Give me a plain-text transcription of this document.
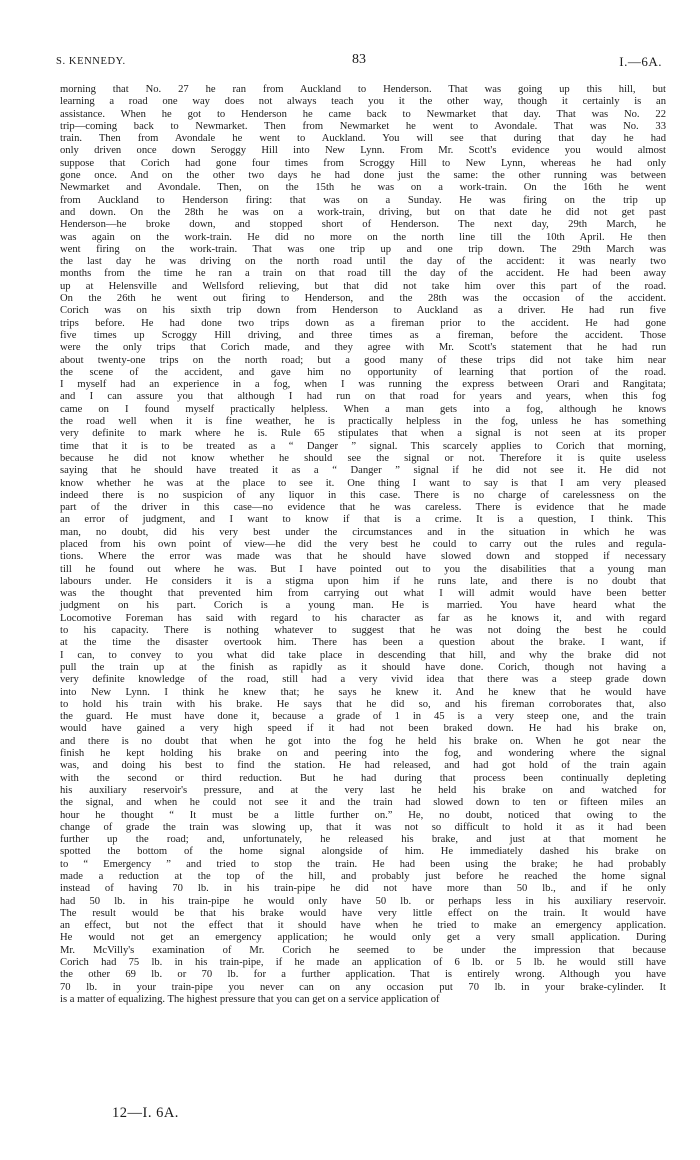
S. KENNEDY.	83	I.—6A.
morning that No. 27 he ran from Auckland to Henderson. That was going up this hill, but
learning a road one way does not always teach you it the other way, though it certainly is an
assistance. When he got to Henderson he came back to Newmarket that day. That was No. 22
trip—coming back to Newmarket. Then from Newmarket he went to Avondale. That was No. 33
train. Then from Avondale he went to Auckland. You will see that during that day he had
only driven once down Seroggy Hill into New Lynn. From Mr. Scott's evidence you would almost
suppose that Corich had gone four times from Scroggy Hill to New Lynn, whereas he had only
gone once. And on the other two days he had done just the same: the other running was between
Newmarket and Avondale. Then, on the 15th he was on a work-train. On the 16th he went
from Auckland to Henderson firing: that was on a Sunday. He was firing on the trip up
and down. On the 28th he was on a work-train, driving, but on that date he did not get past
Henderson—he broke down, and stopped short of Henderson. The next day, 29th March, he
was again on the work-train. He did no more on the north line till the 10th April. He then
went firing on the work-train. That was one trip up and one trip down. The 29th March was
the last day he was driving on the north road until the day of the accident: it was nearly two
months from the time he ran a train on that road till the day of the accident. He had been away
up at Helensville and Wellsford relieving, but that did not take him over this part of the road.
On the 26th he went out firing to Henderson, and the 28th was the occasion of the accident.
Corich was on his sixth trip down from Henderson to Auckland as a driver. He had run five
trips before. He had done two trips down as a fireman prior to the accident. He had gone
five times up Scroggy Hill driving, and three times as a fireman, before the accident. Those
were the only trips that Corich made, and they agree with Mr. Scott's statement that he had run
about twenty-one trips on the north road; but a good many of these trips did not take him near
the scene of the accident, and gave him no opportunity of learning that portion of the road.
I myself had an experience in a fog, when I was running the express between Orari and Rangitata;
and I can assure you that although I had run on that road for years and years, when this fog
came on I found myself practically helpless. When a man gets into a fog, although he knows
the road well when it is fine weather, he is practically helpless in the fog, unless he has something
very definite to mark where he is. Rule 65 stipulates that when a signal is not seen at its proper
time that it is to be treated as a “ Danger ” signal. This scarcely applies to Corich that morning,
because he did not know whether he should see the signal or not. Therefore it is quite useless
saying that he should have treated it as a “ Danger ” signal if he did not see it. He did not
know whether he was at the place to see it. One thing I want to say is that I am very pleased
indeed there is no suspicion of any liquor in this case. There is no charge of carelessness on the
part of the driver in this case—no evidence that he was careless. There is evidence that he made
an error of judgment, and I want to know if that is a crime. It is a question, I think. This
man, no doubt, did his very best under the circumstances and in the situation in which he was
placed from his own point of view—he did the very best he could to carry out the rules and regula-
tions. Where the error was made was that he should have slowed down and stopped if necessary
till he found out where he was. But I have pointed out to you the disabilities that a young man
labours under. He considers it is a stigma upon him if he runs late, and there is no doubt that
was the thought that prevented him from carrying out what I will admit would have been better
judgment on his part. Corich is a young man. He is married. You have heard what the
Locomotive Foreman has said with regard to his character as far as he knows it, and with regard
to his capacity. There is nothing whatever to suggest that he was not doing the best he could
at the time the disaster overtook him. There has been a question about the brake. I want, if
I can, to convey to you what did take place in descending that hill, and why the brake did not
pull the train up at the finish as rapidly as it should have done. Corich, though not having a
very definite knowledge of the road, still had a very vivid idea that there was a steep grade down
into New Lynn. I think he knew that; he says he knew it. And he knew that he would have
to hold his train with his brake. He says that he did so, and his fireman corroborates that, also
the guard. He must have done it, because a grade of 1 in 45 is a very steep one, and the train
would have gained a very high speed if it had not been braked down. He had his brake on,
and there is no doubt that when he got into the fog he held his brake on. When he got near the
finish he kept holding his brake on and peering into the fog, and wondering where the signal
was, and doing his best to find the station. He had released, and had got hold of the train again
with the second or third reduction. But he had during that process been continually depleting
his auxiliary reservoir's pressure, and at the very last he held his brake on and watched for
the signal, and when he could not see it and the train had slowed down to ten or fifteen miles an
hour he thought “ It must be a little further on.” He, no doubt, noticed that owing to the
change of grade the train was slowing up, that it was not so difficult to hold it as it had been
further up the road; and, unfortunately, he released his brake, and just at that moment he
spotted the bottom of the home signal alongside of him. He immediately dashed his brake on
to “ Emergency ” and tried to stop the train. He had been using the brake; he had probably
made a reduction at the top of the hill, and probably just before he reached the home signal
instead of having 70 lb. in his train-pipe he did not have more than 50 lb., and if he only
had 50 lb. in his train-pipe he would only have 50 lb. or perhaps less in his auxiliary reservoir.
The result would be that his brake would have very little effect on the train. It would have
an effect, but not the effect that it should have when he tried to make an emergency application.
He would not get an emergency application; he would only get a very small application. During
Mr. McVilly's examination of Mr. Corich he seemed to be under the impression that because
Corich had 75 lb. in his train-pipe, if he made an application of 6 lb. or 5 lb. he would still have
the other 69 lb. or 70 lb. for a further application. That is entirely wrong. Although you have
70 lb. in your train-pipe you never can on any occasion put 70 lb. in your brake-cylinder. It
is a matter of equalizing. The highest pressure that you can get on a service application of
12—I. 6A.
